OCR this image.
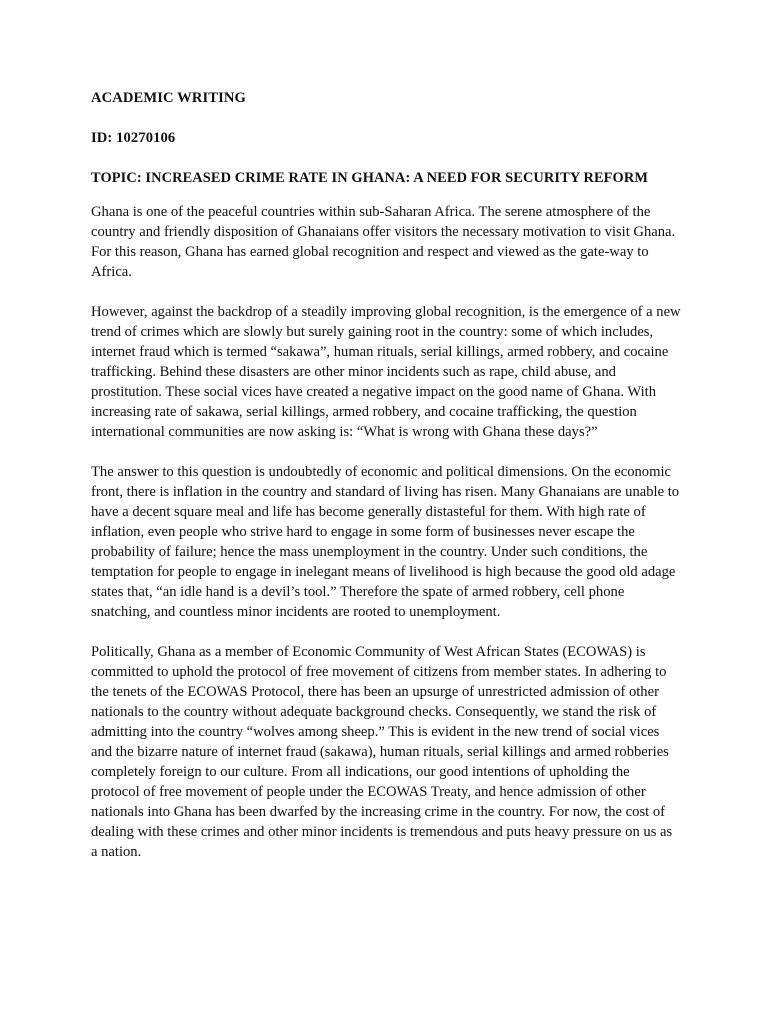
ACADEMIC WRITING

ID: 10270106

TOPIC: INCREASED CRIME RATE IN GHANA: A NEED FOR SECURITY REFORM

Ghana is one of the peaceful countries within sub-Saharan Africa. The serene atmosphere of the country and friendly disposition of Ghanaians offer visitors the necessary motivation to visit Ghana. For this reason, Ghana has earned global recognition and respect and viewed as the gate-way to Africa.

However, against the backdrop of a steadily improving global recognition, is the emergence of a new trend of crimes which are slowly but surely gaining root in the country: some of which includes, internet fraud which is termed “sakawa”, human rituals, serial killings, armed robbery, and cocaine trafficking. Behind these disasters are other minor incidents such as rape, child abuse, and prostitution. These social vices have created a negative impact on the good name of Ghana. With increasing rate of sakawa, serial killings, armed robbery, and cocaine trafficking, the question international communities are now asking is: “What is wrong with Ghana these days?”

The answer to this question is undoubtedly of economic and political dimensions. On the economic front, there is inflation in the country and standard of living has risen. Many Ghanaians are unable to have a decent square meal and life has become generally distasteful for them. With high rate of inflation, even people who strive hard to engage in some form of businesses never escape the probability of failure; hence the mass unemployment in the country. Under such conditions, the temptation for people to engage in inelegant means of livelihood is high because the good old adage states that, “an idle hand is a devil’s tool.” Therefore the spate of armed robbery, cell phone snatching, and countless minor incidents are rooted to unemployment.

Politically, Ghana as a member of Economic Community of West African States (ECOWAS) is committed to uphold the protocol of free movement of citizens from member states. In adhering to the tenets of the ECOWAS Protocol, there has been an upsurge of unrestricted admission of other nationals to the country without adequate background checks. Consequently, we stand the risk of admitting into the country “wolves among sheep.” This is evident in the new trend of social vices and the bizarre nature of internet fraud (sakawa), human rituals, serial killings and armed robberies completely foreign to our culture. From all indications, our good intentions of upholding the protocol of free movement of people under the ECOWAS Treaty, and hence admission of other nationals into Ghana has been dwarfed by the increasing crime in the country. For now, the cost of dealing with these crimes and other minor incidents is tremendous and puts heavy pressure on us as a nation.
